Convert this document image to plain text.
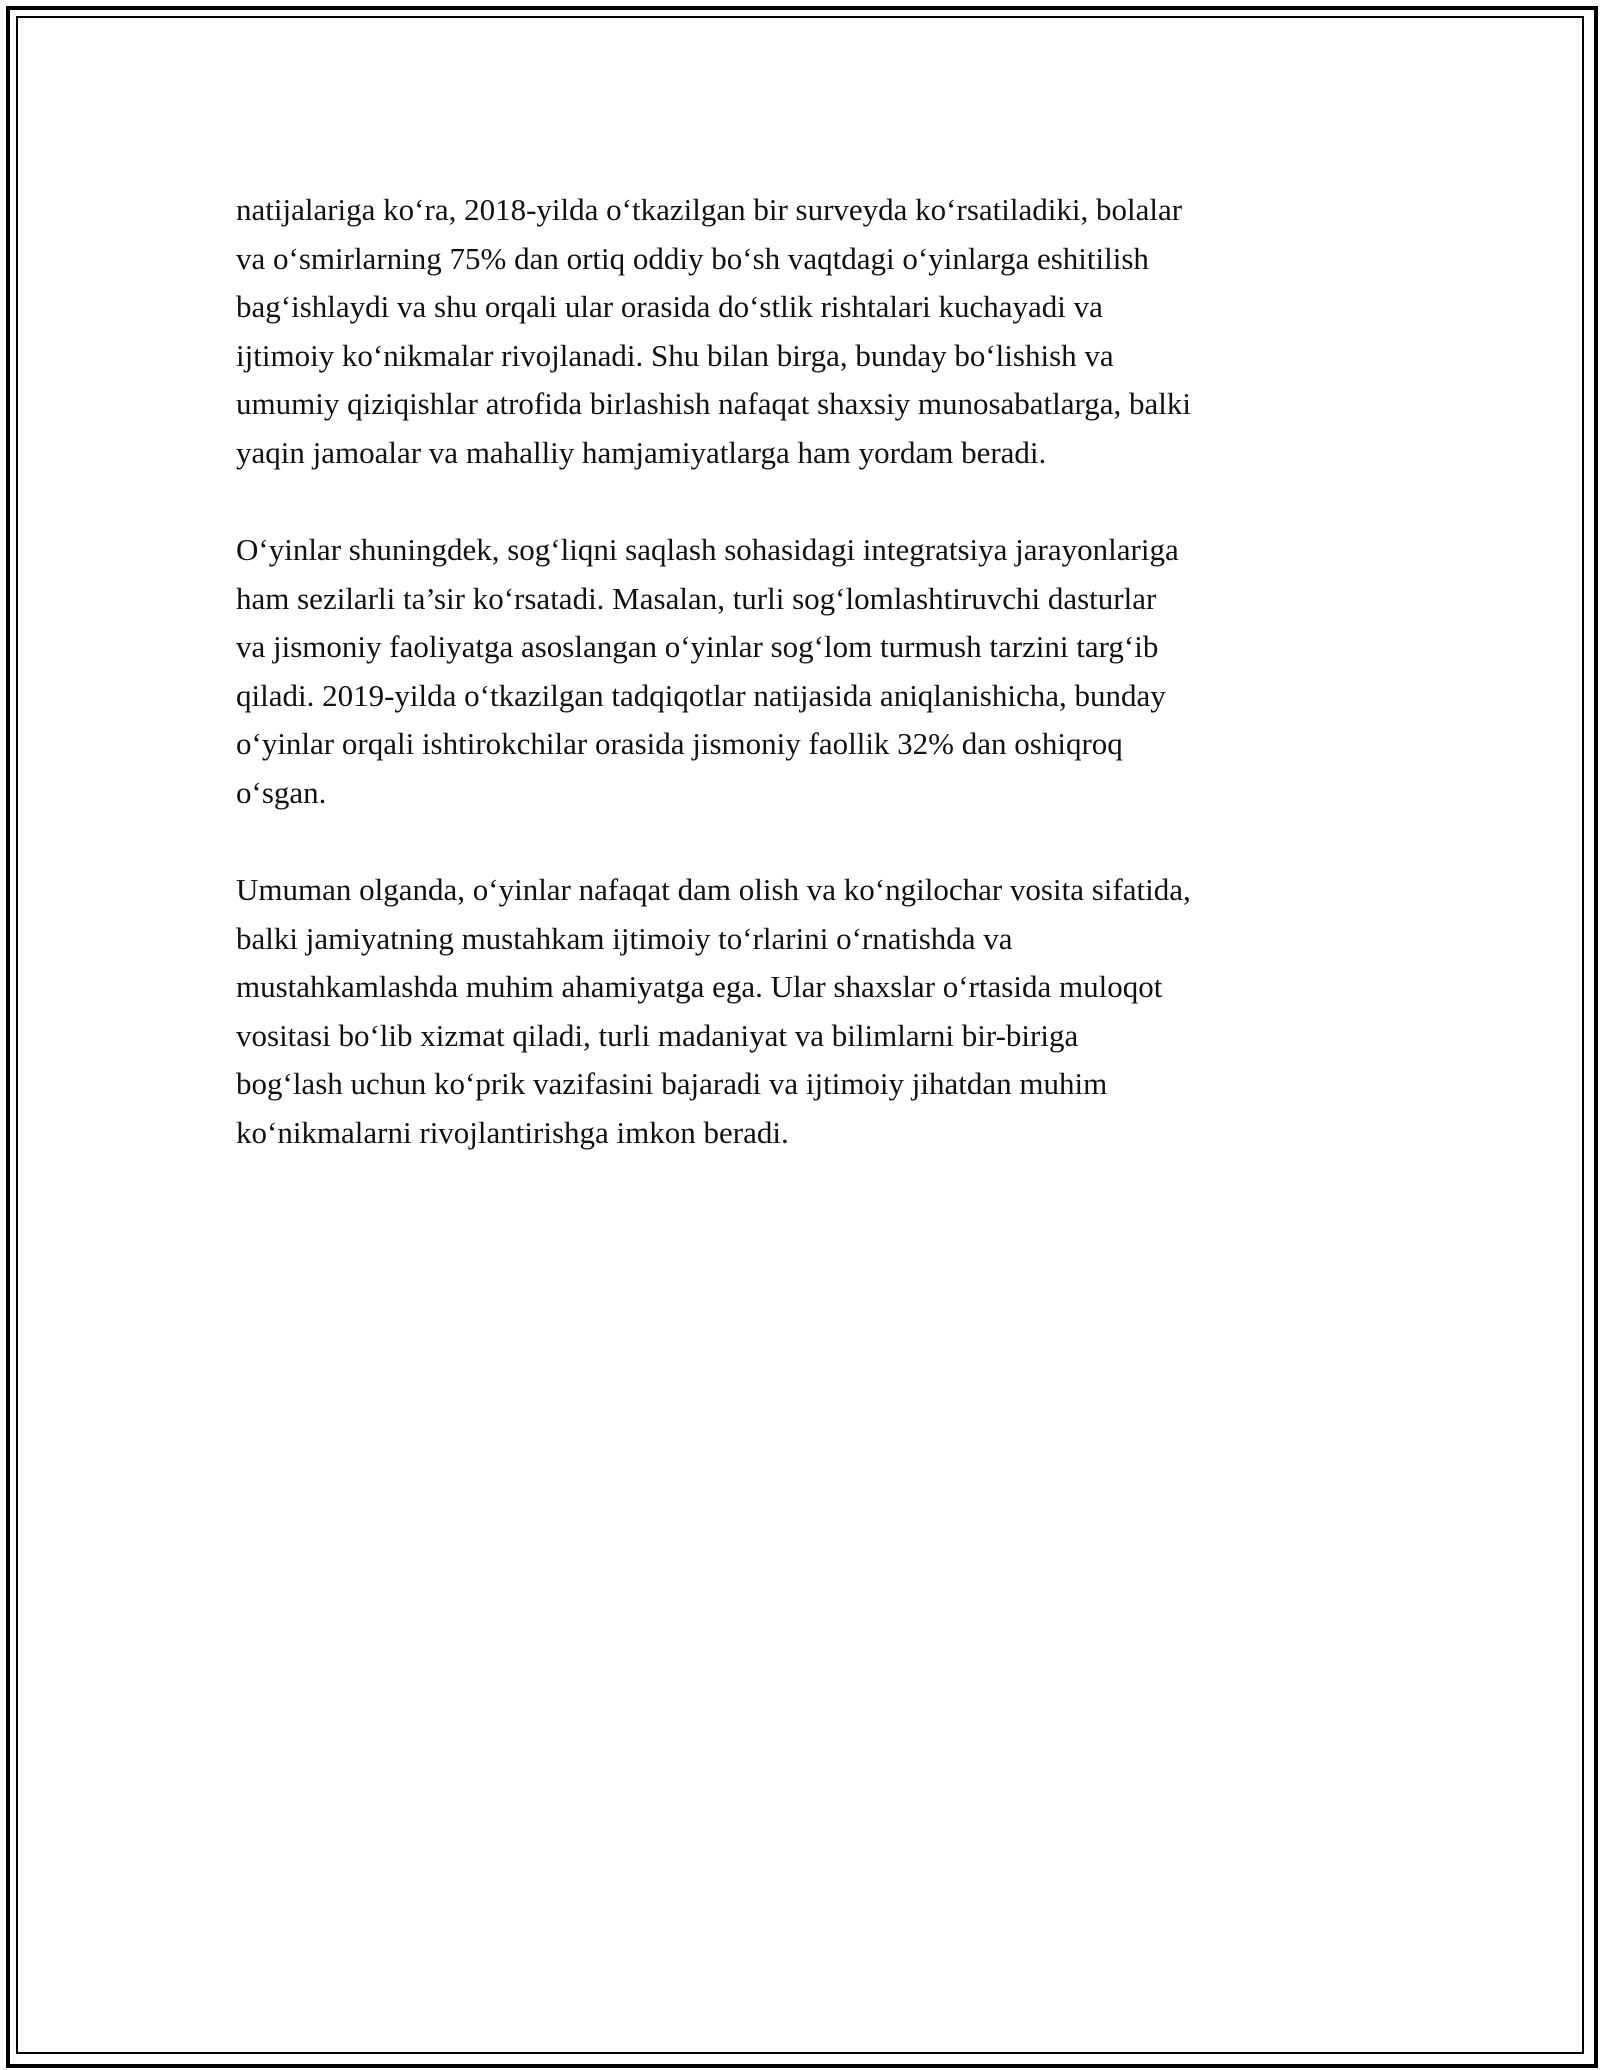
natijalariga ko‘ra, 2018-yilda o‘tkazilgan bir surveyda ko‘rsatiladiki, bolalar
va o‘smirlarning 75% dan ortiq oddiy bo‘sh vaqtdagi o‘yinlarga eshitilish
bag‘ishlaydi va shu orqali ular orasida do‘stlik rishtalari kuchayadi va
ijtimoiy ko‘nikmalar rivojlanadi. Shu bilan birga, bunday bo‘lishish va
umumiy qiziqishlar atrofida birlashish nafaqat shaxsiy munosabatlarga, balki
yaqin jamoalar va mahalliy hamjamiyatlarga ham yordam beradi.

O‘yinlar shuningdek, sog‘liqni saqlash sohasidagi integratsiya jarayonlariga
ham sezilarli ta’sir ko‘rsatadi. Masalan, turli sog‘lomlashtiruvchi dasturlar
va jismoniy faoliyatga asoslangan o‘yinlar sog‘lom turmush tarzini targ‘ib
qiladi. 2019-yilda o‘tkazilgan tadqiqotlar natijasida aniqlanishicha, bunday
o‘yinlar orqali ishtirokchilar orasida jismoniy faollik 32% dan oshiqroq
o‘sgan.

Umuman olganda, o‘yinlar nafaqat dam olish va ko‘ngilochar vosita sifatida,
balki jamiyatning mustahkam ijtimoiy to‘rlarini o‘rnatishda va
mustahkamlashda muhim ahamiyatga ega. Ular shaxslar o‘rtasida muloqot
vositasi bo‘lib xizmat qiladi, turli madaniyat va bilimlarni bir-biriga
bog‘lash uchun ko‘prik vazifasini bajaradi va ijtimoiy jihatdan muhim
ko‘nikmalarni rivojlantirishga imkon beradi.
